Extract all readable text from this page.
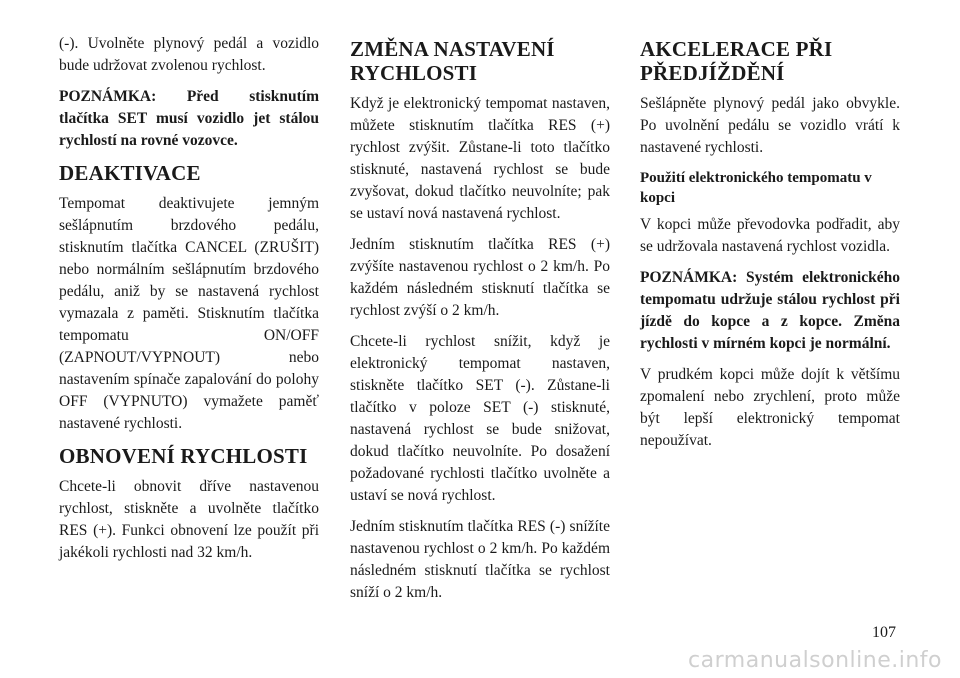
(-). Uvolněte plynový pedál a vozidlo bude udržovat zvolenou rychlost.

POZNÁMKA: Před stisknutím tlačítka SET musí vozidlo jet stálou rychlostí na rovné vozovce.

DEAKTIVACE

Tempomat deaktivujete jemným sešlápnutím brzdového pedálu, stisknutím tlačítka CANCEL (ZRUŠIT) nebo normálním sešlápnutím brzdového pedálu, aniž by se nastavená rychlost vymazala z paměti. Stisknutím tlačítka tempomatu ON/OFF (ZAPNOUT/VYPNOUT) nebo nastavením spínače zapalování do polohy OFF (VYPNUTO) vymažete paměť nastavené rychlosti.

OBNOVENÍ RYCHLOSTI

Chcete-li obnovit dříve nastavenou rychlost, stiskněte a uvolněte tlačítko RES (+). Funkci obnovení lze použít při jakékoli rychlosti nad 32 km/h.

ZMĚNA NASTAVENÍ RYCHLOSTI

Když je elektronický tempomat nastaven, můžete stisknutím tlačítka RES (+) rychlost zvýšit. Zůstane-li toto tlačítko stisknuté, nastavená rychlost se bude zvyšovat, dokud tlačítko neuvolníte; pak se ustaví nová nastavená rychlost.

Jedním stisknutím tlačítka RES (+) zvýšíte nastavenou rychlost o 2 km/h. Po každém následném stisknutí tlačítka se rychlost zvýší o 2 km/h.

Chcete-li rychlost snížit, když je elektronický tempomat nastaven, stiskněte tlačítko SET (-). Zůstane-li tlačítko v poloze SET (-) stisknuté, nastavená rychlost se bude snižovat, dokud tlačítko neuvolníte. Po dosažení požadované rychlosti tlačítko uvolněte a ustaví se nová rychlost.

Jedním stisknutím tlačítka RES (-) snížíte nastavenou rychlost o 2 km/h. Po každém následném stisknutí tlačítka se rychlost sníží o 2 km/h.

AKCELERACE PŘI PŘEDJÍŽDĚNÍ

Sešlápněte plynový pedál jako obvykle. Po uvolnění pedálu se vozidlo vrátí k nastavené rychlosti.

Použití elektronického tempomatu v kopci

V kopci může převodovka podřadit, aby se udržovala nastavená rychlost vozidla.

POZNÁMKA: Systém elektronického tempomatu udržuje stálou rychlost při jízdě do kopce a z kopce. Změna rychlosti v mírném kopci je normální.

V prudkém kopci může dojít k většímu zpomalení nebo zrychlení, proto může být lepší elektronický tempomat nepoužívat.

107
carmanualsonline.info
